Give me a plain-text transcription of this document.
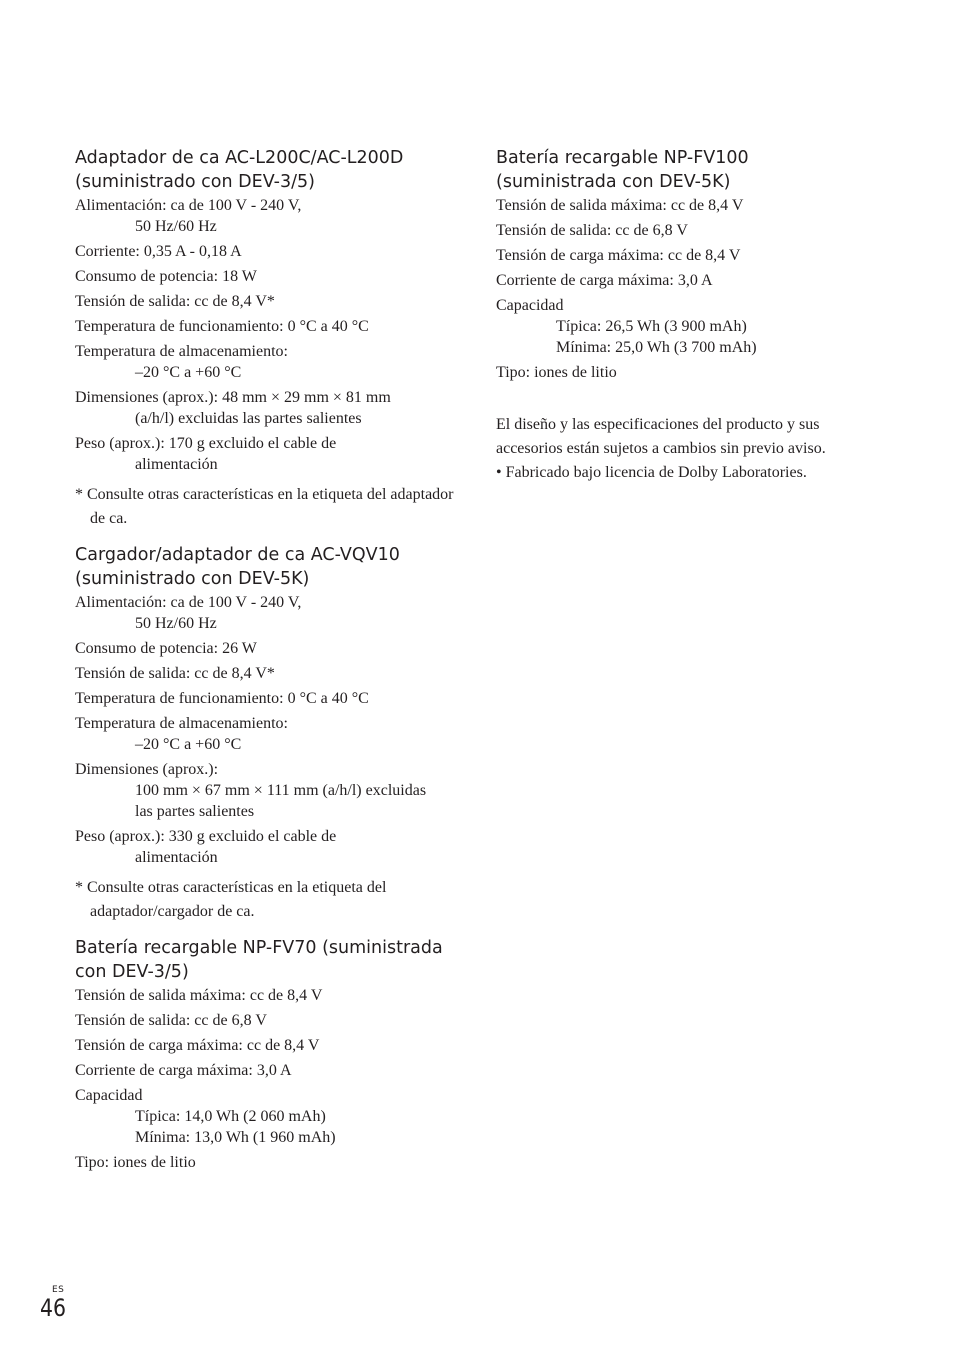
Adaptador de ca AC-L200C/AC-L200D
(suministrado con DEV-3/5)
Alimentación: ca de 100 V - 240 V,
50 Hz/60 Hz
Corriente: 0,35 A - 0,18 A
Consumo de potencia: 18 W
Tensión de salida: cc de 8,4 V*
Temperatura de funcionamiento: 0 °C a 40 °C
Temperatura de almacenamiento:
–20 °C a +60 °C
Dimensiones (aprox.): 48 mm × 29 mm × 81 mm
(a/h/l) excluidas las partes salientes
Peso (aprox.): 170 g excluido el cable de
alimentación
* Consulte otras características en la etiqueta del adaptador de ca.
Cargador/adaptador de ca AC-VQV10
(suministrado con DEV-5K)
Alimentación: ca de 100 V - 240 V,
50 Hz/60 Hz
Consumo de potencia: 26 W
Tensión de salida: cc de 8,4 V*
Temperatura de funcionamiento: 0 °C a 40 °C
Temperatura de almacenamiento:
–20 °C a +60 °C
Dimensiones (aprox.):
100 mm × 67 mm × 111 mm (a/h/l) excluidas
las partes salientes
Peso (aprox.): 330 g excluido el cable de
alimentación
* Consulte otras características en la etiqueta del adaptador/cargador de ca.
Batería recargable NP-FV70 (suministrada
con DEV-3/5)
Tensión de salida máxima: cc de 8,4 V
Tensión de salida: cc de 6,8 V
Tensión de carga máxima: cc de 8,4 V
Corriente de carga máxima: 3,0 A
Capacidad
Típica: 14,0 Wh (2 060 mAh)
Mínima: 13,0 Wh (1 960 mAh)
Tipo: iones de litio
Batería recargable NP-FV100
(suministrada con DEV-5K)
Tensión de salida máxima: cc de 8,4 V
Tensión de salida: cc de 6,8 V
Tensión de carga máxima: cc de 8,4 V
Corriente de carga máxima: 3,0 A
Capacidad
Típica: 26,5 Wh (3 900 mAh)
Mínima: 25,0 Wh (3 700 mAh)
Tipo: iones de litio

El diseño y las especificaciones del producto y sus accesorios están sujetos a cambios sin previo aviso.

• Fabricado bajo licencia de Dolby Laboratories.

ES
46
